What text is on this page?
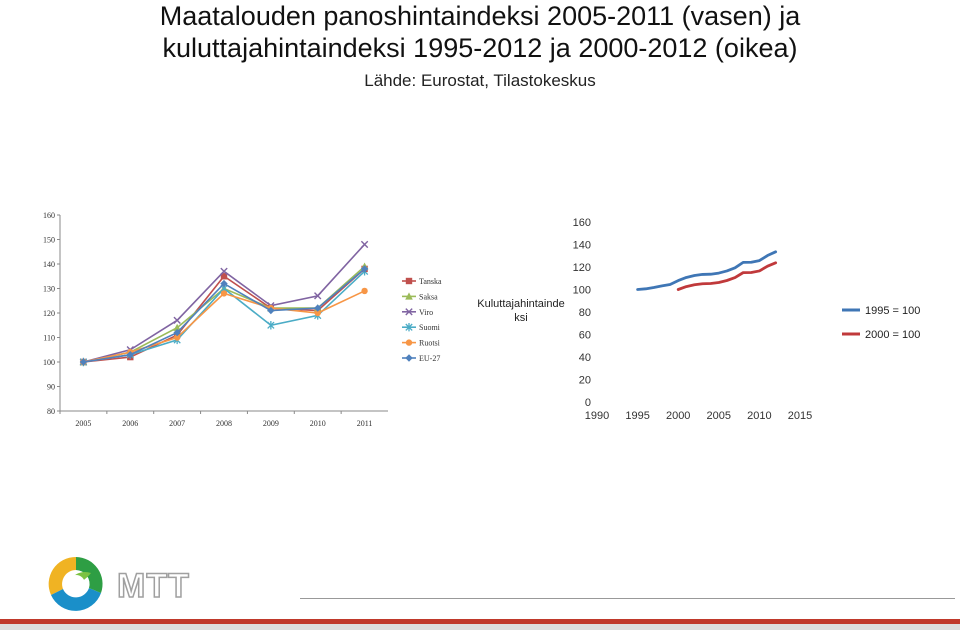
Maatalouden panoshintaindeksi 2005-2011 (vasen) ja
kuluttajahintaindeksi 1995-2012 ja 2000-2012 (oikea)
Lähde: Eurostat, Tilastokeskus
80
90
100
110
120
130
140
150
160
2005	2006	2007	2008	2009	2010	2011
Tanska
Saksa
Viro
Suomi
Ruotsi
EU-27
0
20
40
60
80
100
120
140
160
1990 1995 2000 2005 2010 2015
Kuluttajahintainde ksi
1995 = 100
2000 = 100
MTT
